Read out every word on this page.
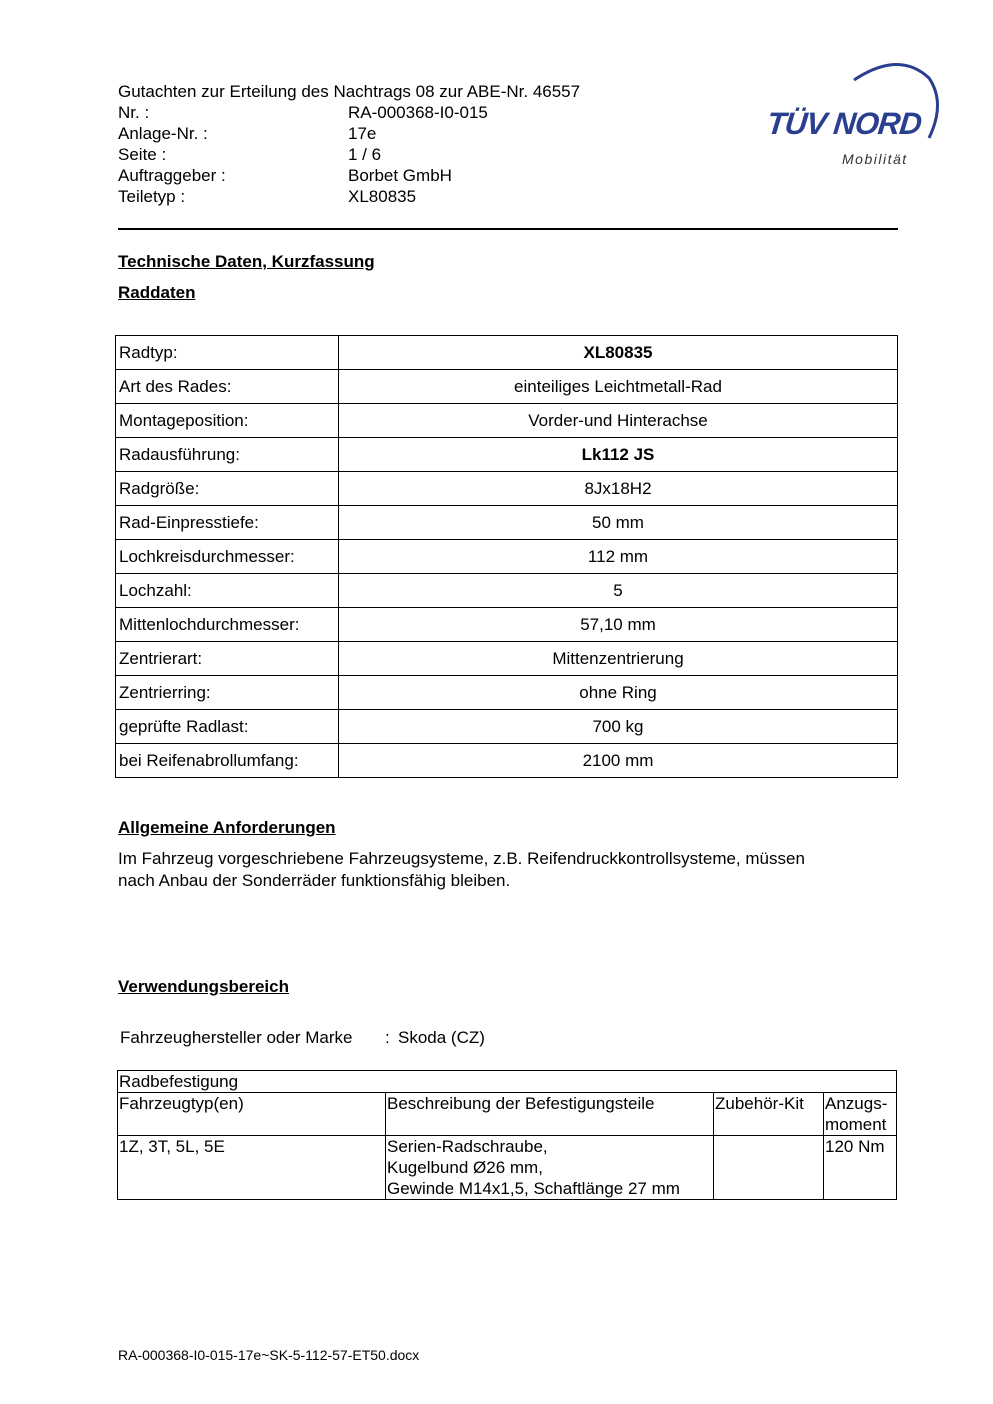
Gutachten zur Erteilung des Nachtrags 08 zur ABE-Nr. 46557
Nr. :	RA-000368-I0-015
Anlage-Nr. :	17e
Seite :	1 / 6
Auftraggeber :	Borbet GmbH
Teiletyp :	XL80835
TÜV NORD
Mobilität
Technische Daten, Kurzfassung
Raddaten
Radtyp:	XL80835
Art des Rades:	einteiliges Leichtmetall-Rad
Montageposition:	Vorder-und Hinterachse
Radausführung:	Lk112 JS
Radgröße:	8Jx18H2
Rad-Einpresstiefe:	50 mm
Lochkreisdurchmesser:	112 mm
Lochzahl:	5
Mittenlochdurchmesser:	57,10 mm
Zentrierart:	Mittenzentrierung
Zentrierring:	ohne Ring
geprüfte Radlast:	700 kg
bei Reifenabrollumfang:	2100 mm
Allgemeine Anforderungen
Im Fahrzeug vorgeschriebene Fahrzeugsysteme, z.B. Reifendruckkontrollsysteme, müssen
nach Anbau der Sonderräder funktionsfähig bleiben.
Verwendungsbereich
Fahrzeughersteller oder Marke	: Skoda (CZ)
Radbefestigung			
Fahrzeugtyp(en)	Beschreibung der Befestigungsteile	Zubehör-Kit	Anzugs-
moment

1Z, 3T, 5L, 5E	Serien-Radschraube,
Kugelbund Ø26 mm,
Gewinde M14x1,5, Schaftlänge 27 mm		120 Nm
RA-000368-I0-015-17e~SK-5-112-57-ET50.docx
